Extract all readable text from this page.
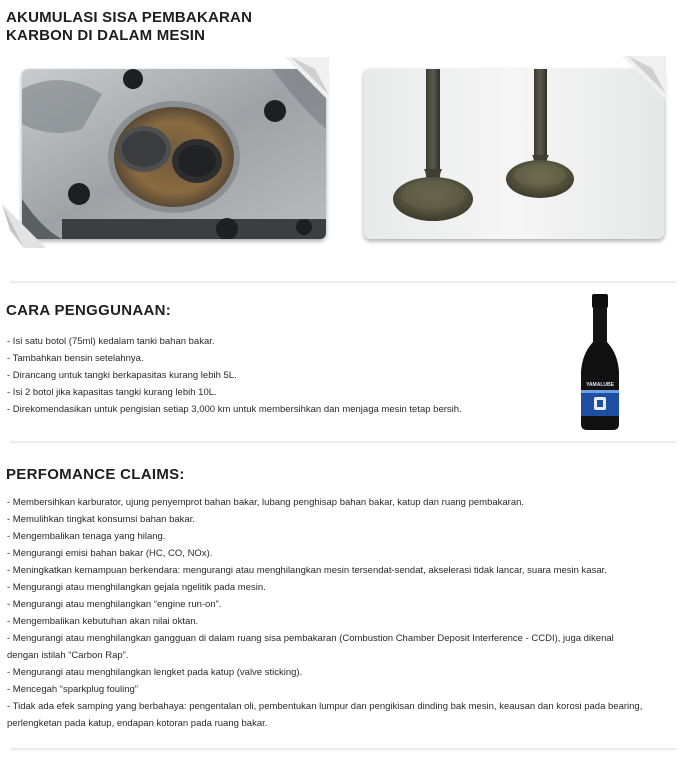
AKUMULASI SISA PEMBAKARAN
KARBON DI DALAM MESIN
CARA PENGGUNAAN:
- Isi satu botol (75ml) kedalam tanki bahan bakar.
- Tambahkan bensin setelahnya.
- Dirancang untuk tangki berkapasitas kurang lebih 5L.
- Isi 2 botol jika kapasitas tangki kurang lebih 10L.
- Direkomendasikan untuk pengisian setiap 3,000 km untuk membersihkan dan menjaga mesin tetap bersih.
YAMALUBE
PERFOMANCE CLAIMS:
- Membersihkan karburator, ujung penyemprot bahan bakar, lubang penghisap bahan bakar, katup dan ruang pembakaran.
- Memulihkan tingkat konsumsi bahan bakar.
- Mengembalikan tenaga yang hilang.
- Mengurangi emisi bahan bakar (HC, CO, NOx).
- Meningkatkan kemampuan berkendara: mengurangi atau menghilangkan mesin tersendat-sendat, akselerasi tidak lancar, suara mesin kasar.
- Mengurangi atau menghilangkan gejala ngelitik pada mesin.
- Mengurangi atau menghilangkan “engine run-on”.
- Mengembalikan kebutuhan akan nilai oktan.
- Mengurangi atau menghilangkan gangguan di dalam ruang sisa pembakaran (Combustion Chamber Deposit Interference - CCDI), juga dikenal dengan istilah “Carbon Rap”.
- Mengurangi atau menghilangkan lengket pada katup (valve sticking).
- Mencegah “sparkplug fouling”
- Tidak ada efek samping yang berbahaya: pengentalan oli, pembentukan lumpur dan pengikisan dinding bak mesin, keausan dan korosi pada bearing, perlengketan pada katup, endapan kotoran pada ruang bakar.
